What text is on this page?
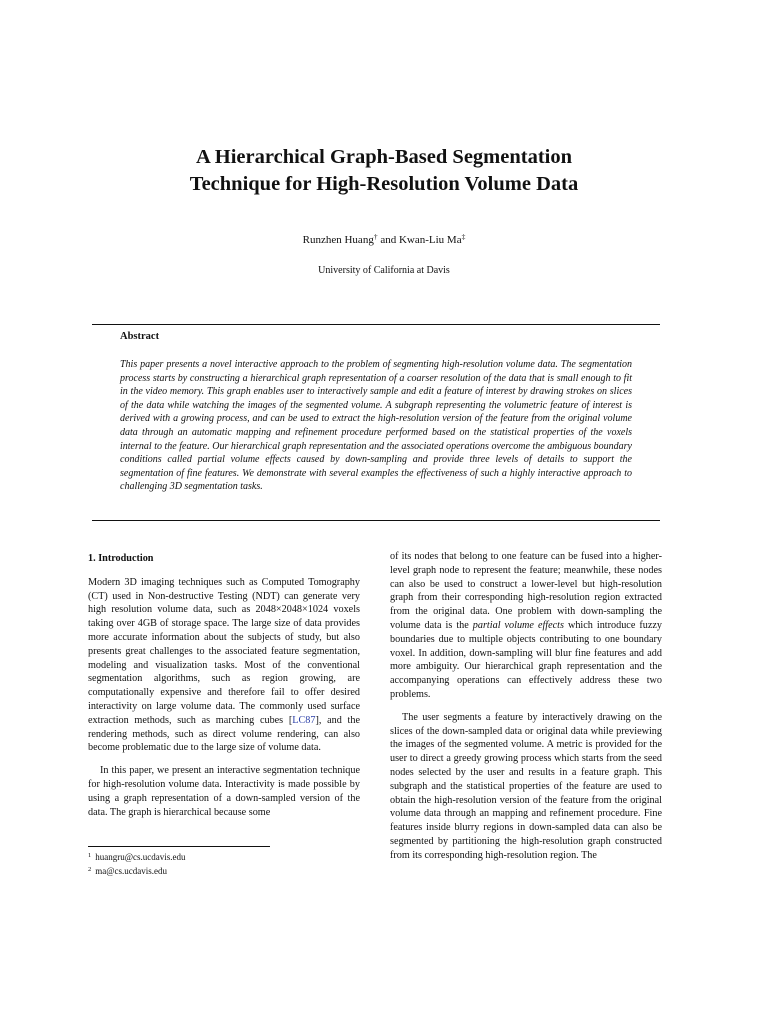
A Hierarchical Graph-Based Segmentation
Technique for High-Resolution Volume Data
Runzhen Huang† and Kwan-Liu Ma‡
University of California at Davis
Abstract
This paper presents a novel interactive approach to the problem of segmenting high-resolution volume data. The segmentation process starts by constructing a hierarchical graph representation of a coarser resolution of the data that is small enough to fit in the video memory. This graph enables user to interactively sample and edit a feature of interest by drawing strokes on slices of the data while watching the images of the segmented volume. A subgraph representing the volumetric feature of interest is derived with a growing process, and can be used to extract the high-resolution version of the feature from the original volume data through an automatic mapping and refinement procedure performed based on the statistical properties of the voxels internal to the feature. Our hierarchical graph representation and the associated operations overcome the ambiguous boundary conditions called partial volume effects caused by down-sampling and provide three levels of details to support the segmentation of fine features. We demonstrate with several examples the effectiveness of such a highly interactive approach to challenging 3D segmentation tasks.
1. Introduction

Modern 3D imaging techniques such as Computed Tomography (CT) used in Non-destructive Testing (NDT) can generate very high resolution volume data, such as 2048×2048×1024 voxels taking over 4GB of storage space. The large size of data provides more accurate information about the subjects of study, but also presents great challenges to the associated feature segmentation, modeling and visualization tasks. Most of the conventional segmentation algorithms, such as region growing, are computationally expensive and therefore fail to offer desired interactivity on large volume data. The commonly used surface extraction methods, such as marching cubes [LC87], and the rendering methods, such as direct volume rendering, can also become problematic due to the large size of volume data.

In this paper, we present an interactive segmentation technique for high-resolution volume data. Interactivity is made possible by using a graph representation of a down-sampled version of the data. The graph is hierarchical because some

of its nodes that belong to one feature can be fused into a higher-level graph node to represent the feature; meanwhile, these nodes can also be used to construct a lower-level but high-resolution graph from their corresponding high-resolution region extracted from the original data. One problem with down-sampling the volume data is the partial volume effects which introduce fuzzy boundaries due to multiple objects contributing to one boundary voxel. In addition, down-sampling will blur fine features and add more ambiguity. Our hierarchical graph representation and the accompanying operations can effectively address these two problems.

The user segments a feature by interactively drawing on the slices of the down-sampled data or original data while previewing the images of the segmented volume. A metric is provided for the user to direct a greedy growing process which starts from the seed nodes selected by the user and results in a feature graph. This subgraph and the statistical properties of the feature are used to obtain the high-resolution version of the feature from the original volume data through an mapping and refinement procedure. Fine features inside blurry regions in down-sampled data can also be segmented by partitioning the high-resolution graph constructed from its corresponding high-resolution region. The

$^1$ huangru@cs.ucdavis.edu
$^2$ ma@cs.ucdavis.edu
